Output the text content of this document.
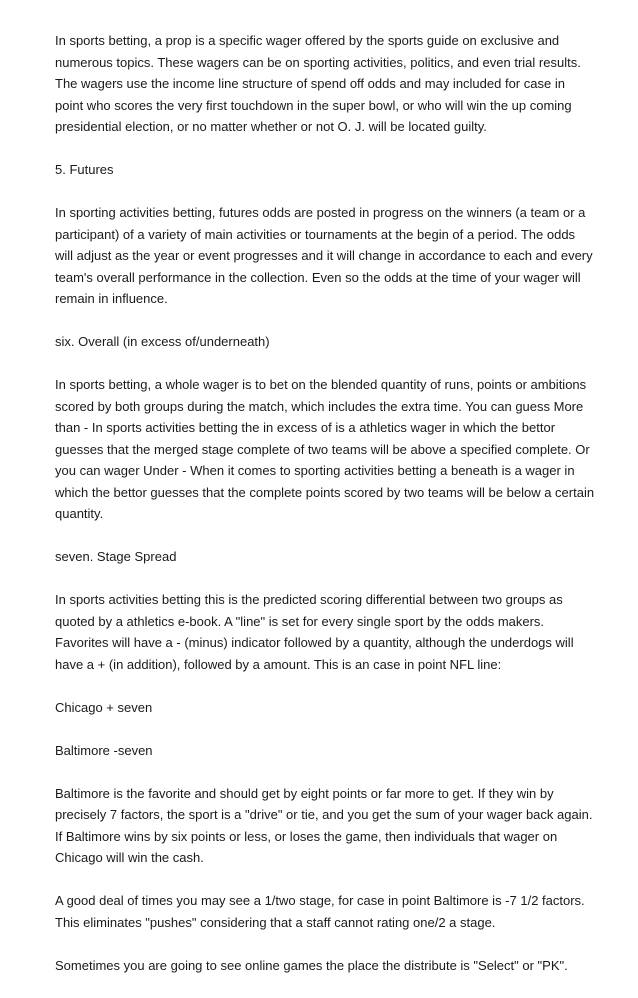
In sports betting, a prop is a specific wager offered by the sports guide on exclusive and numerous topics. These wagers can be on sporting activities, politics, and even trial results. The wagers use the income line structure of spend off odds and may included for case in point who scores the very first touchdown in the super bowl, or who will win the up coming presidential election, or no matter whether or not O. J. will be located guilty.

5. Futures

In sporting activities betting, futures odds are posted in progress on the winners (a team or a participant) of a variety of main activities or tournaments at the begin of a period. The odds will adjust as the year or event progresses and it will change in accordance to each and every team's overall performance in the collection. Even so the odds at the time of your wager will remain in influence.

six. Overall (in excess of/underneath)

In sports betting, a whole wager is to bet on the blended quantity of runs, points or ambitions scored by both groups during the match, which includes the extra time. You can guess More than - In sports activities betting the in excess of is a athletics wager in which the bettor guesses that the merged stage complete of two teams will be above a specified complete. Or you can wager Under - When it comes to sporting activities betting a beneath is a wager in which the bettor guesses that the complete points scored by two teams will be below a certain quantity.

seven. Stage Spread

In sports activities betting this is the predicted scoring differential between two groups as quoted by a athletics e-book. A "line" is set for every single sport by the odds makers. Favorites will have a - (minus) indicator followed by a quantity, although the underdogs will have a + (in addition), followed by a amount. This is an case in point NFL line:

Chicago + seven

Baltimore -seven

Baltimore is the favorite and should get by eight points or far more to get. If they win by precisely 7 factors, the sport is a "drive" or tie, and you get the sum of your wager back again. If Baltimore wins by six points or less, or loses the game, then individuals that wager on Chicago will win the cash.

A good deal of times you may see a 1/two stage, for case in point Baltimore is -7 1/2 factors. This eliminates "pushes" considering that a staff cannot rating one/2 a stage.

Sometimes you are going to see online games the place the distribute is "Select" or "PK".
